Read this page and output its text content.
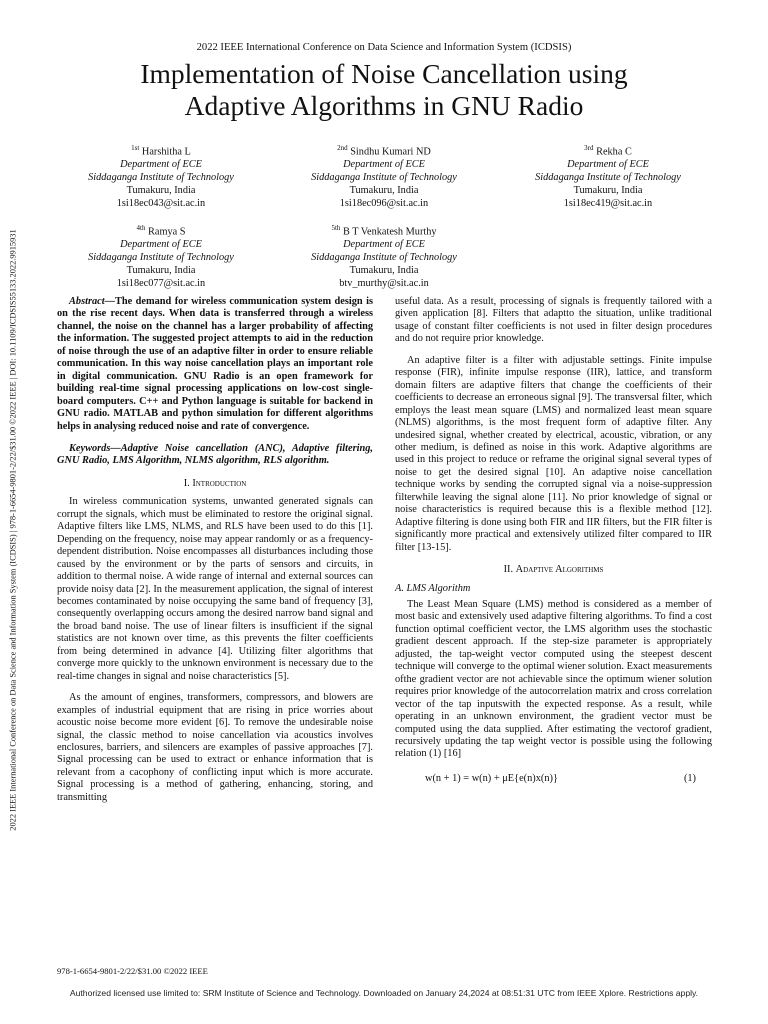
2022 IEEE International Conference on Data Science and Information System (ICDSIS)
Implementation of Noise Cancellation using
Adaptive Algorithms in GNU Radio
2022 IEEE International Conference on Data Science and Information System (ICDSIS) | 978-1-6654-9801-2/22/$31.00 ©2022 IEEE | DOI: 10.1109/ICDSIS55133.2022.9915931
$^{1st}$ Harshitha L
Department of ECE
Siddaganga Institute of Technology
Tumakuru, India
1si18ec043@sit.ac.in
$^{2nd}$ Sindhu Kumari ND
Department of ECE
Siddaganga Institute of Technology
Tumakuru, India
1si18ec096@sit.ac.in
$^{3rd}$ Rekha C
Department of ECE
Siddaganga Institute of Technology
Tumakuru, India
1si18ec419@sit.ac.in
$^{4th}$ Ramya S
Department of ECE
Siddaganga Institute of Technology
Tumakuru, India
1si18ec077@sit.ac.in
$^{5th}$ B T Venkatesh Murthy
Department of ECE
Siddaganga Institute of Technology
Tumakuru, India
btv_murthy@sit.ac.in

Abstract—The demand for wireless communication system design is on the rise recent days. When data is transferred through a wireless channel, the noise on the channel has a larger probability of affecting the information. The suggested project attempts to aid in the reduction of noise through the use of an adaptive filter in order to ensure reliable communication. In this way noise cancellation plays an important role in digital communication. GNU Radio is an open framework for building real-time signal processing applications on low-cost single-board computers. C++ and Python language is suitable for backend in GNU radio. MATLAB and python simulation for different algorithms helps in analysing reduced noise and rate of convergence.

Keywords—Adaptive Noise cancellation (ANC), Adaptive filtering, GNU Radio, LMS Algorithm, NLMS algorithm, RLS algorithm.

I. Introduction

In wireless communication systems, unwanted generated signals can corrupt the signals, which must be eliminated to restore the original signal. Adaptive filters like LMS, NLMS, and RLS have been used to do this [1]. Depending on the frequency, noise may appear randomly or as a frequency-dependent distribution. Noise encompasses all disturbances including those caused by the environment or by the parts of sensors and circuits, in addition to thermal noise. A wide range of internal and external sources can provide noisy data [2]. In the measurement application, the signal of interest becomes contaminated by noise occupying the same band of frequency [3], consequently overlapping occurs among the desired narrow band signal and the broad band noise. The use of linear filters is insufficient if the signal statistics are not known over time, as this prevents the filter coefficients from being determined in advance [4]. Utilizing filter algorithms that converge more quickly to the unknown environment is necessary due to the real-time changes in signal and noise characteristics [5].

As the amount of engines, transformers, compressors, and blowers are examples of industrial equipment that are rising in price worries about acoustic noise become more evident [6]. To remove the undesirable noise signal, the classic method to noise cancellation via acoustics involves enclosures, barriers, and silencers are examples of passive approaches [7]. Signal processing can be used to extract or enhance information that is relevant from a cacophony of conflicting input which is more accurate. Signal processing is a method of gathering, enhancing, storing, and transmitting

useful data. As a result, processing of signals is frequently tailored with a given application [8]. Filters that adaptto the situation, unlike traditional usage of constant filter coefficients is not used in filter design procedures and do not require prior knowledge.

An adaptive filter is a filter with adjustable settings. Finite impulse response (FIR), infinite impulse response (IIR), lattice, and transform domain filters are adaptive filters that change the coefficients of their coefficients to decrease an erroneous signal [9]. The transversal filter, which employs the least mean square (LMS) and normalized least mean square (NLMS) algorithms, is the most frequent form of adaptive filter. Any undesired signal, whether created by electrical, acoustic, vibration, or any other medium, is defined as noise in this work. Adaptive algorithms are used in this project to reduce or reframe the original signal several types of noise to get the desired signal [10]. An adaptive noise cancellation technique works by sending the corrupted signal via a noise-suppression filterwhile leaving the signal alone [11]. No prior knowledge of signal or noise characteristics is required because this is a flexible method [12]. Adaptive filtering is done using both FIR and IIR filters, but the FIR filter is significantly more practical and extensively utilized filter compared to IIR filter [13-15].

II. Adaptive Algorithms

A. LMS Algorithm

The Least Mean Square (LMS) method is considered as a member of most basic and extensively used adaptive filtering algorithms. To find a cost function optimal coefficient vector, the LMS algorithm uses the stochastic gradient descent approach. If the step-size parameter is appropriately adjusted, the tap-weight vector computed using the steepest descent technique will converge to the optimal wiener solution. Exact measurements ofthe gradient vector are not achievable since the optimum wiener solution requires prior knowledge of the autocorrelation matrix and cross correlation vector of the tap inputswith the expected response. As a result, while operating in an unknown environment, the gradient vector must be computed using the data supplied. After estimating the vectorof gradient, recursively updating the tap weight vector is possible using the following relation (1) [16]

w(n + 1) = w(n) + μE{e(n)x(n)}	(1)

978-1-6654-9801-2/22/$31.00 ©2022 IEEE
Authorized licensed use limited to: SRM Institute of Science and Technology. Downloaded on January 24,2024 at 08:51:31 UTC from IEEE Xplore. Restrictions apply.
